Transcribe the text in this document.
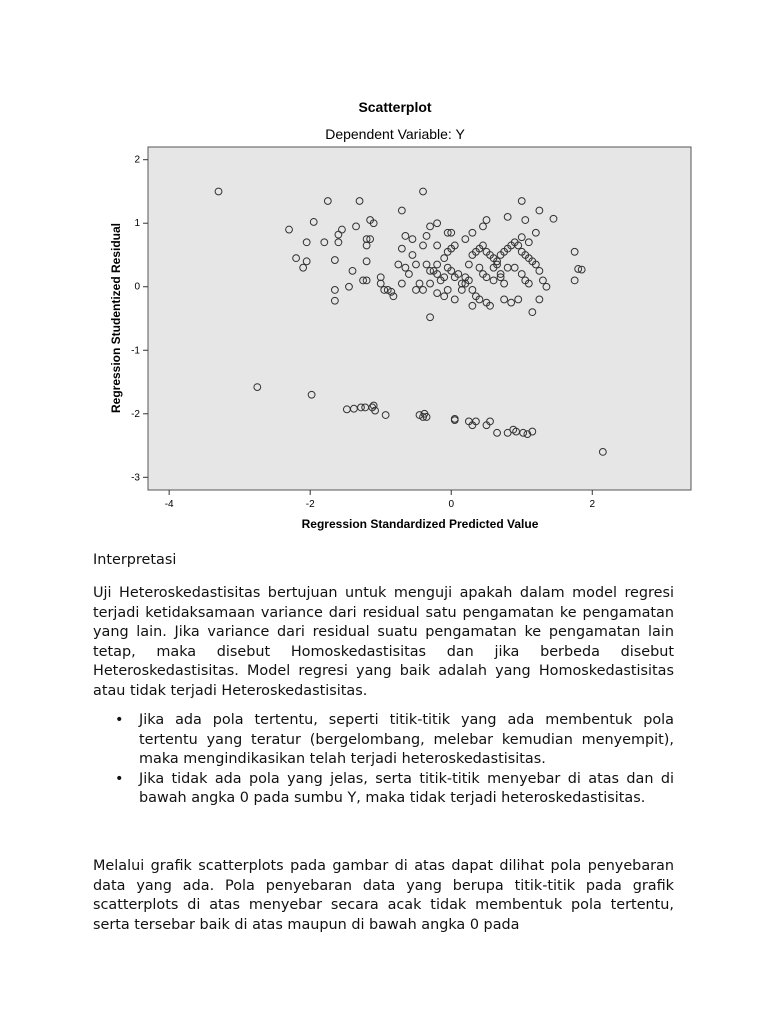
Scatterplot
Dependent Variable: Y
-4	-2	0	2
2
1
0
-1
-2
-3
Regression Standardized Predicted Value
Regression Studentized Residual
Interpretasi

Uji Heteroskedastisitas bertujuan untuk menguji apakah dalam model regresi terjadi ketidaksamaan variance dari residual satu pengamatan ke pengamatan yang lain. Jika variance dari residual suatu pengamatan ke pengamatan lain tetap, maka disebut Homoskedastisitas dan jika berbeda disebut Heteroskedastisitas. Model regresi yang baik adalah yang Homoskedastisitas atau tidak terjadi Heteroskedastisitas.

• Jika ada pola tertentu, seperti titik-titik yang ada membentuk pola tertentu yang teratur (bergelombang, melebar kemudian menyempit), maka mengindikasikan telah terjadi heteroskedastisitas.
• Jika tidak ada pola yang jelas, serta titik-titik menyebar di atas dan di bawah angka 0 pada sumbu Y, maka tidak terjadi heteroskedastisitas.

Melalui grafik scatterplots pada gambar di atas dapat dilihat pola penyebaran data yang ada. Pola penyebaran data yang berupa titik-titik pada grafik scatterplots di atas menyebar secara acak tidak membentuk pola tertentu, serta tersebar baik di atas maupun di bawah angka 0 pada
